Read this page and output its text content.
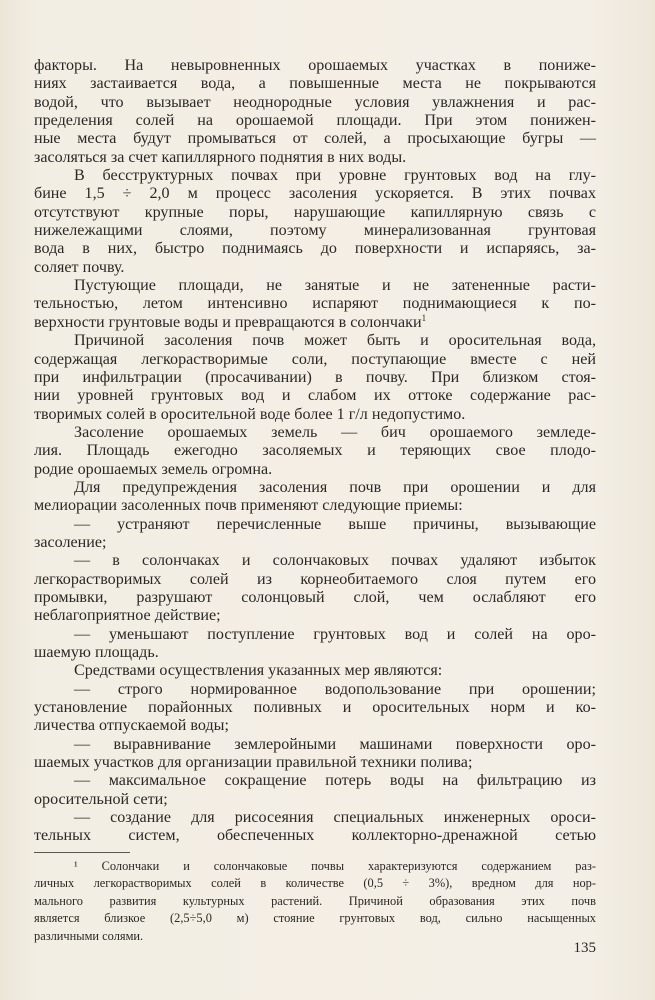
факторы. На невыровненных орошаемых участках в пониже-
ниях застаивается вода, а повышенные места не покрываются
водой, что вызывает неоднородные условия увлажнения и рас-
пределения солей на орошаемой площади. При этом понижен-
ные места будут промываться от солей, а просыхающие бугры —
засоляться за счет капиллярного поднятия в них воды.
В бесструктурных почвах при уровне грунтовых вод на глу-
бине 1,5 ÷ 2,0 м процесс засоления ускоряется. В этих почвах
отсутствуют крупные поры, нарушающие капиллярную связь с
нижележащими слоями, поэтому минерализованная грунтовая
вода в них, быстро поднимаясь до поверхности и испаряясь, за-
соляет почву.
Пустующие площади, не занятые и не затененные расти-
тельностью, летом интенсивно испаряют поднимающиеся к по-
верхности грунтовые воды и превращаются в солончаки$^1$
Причиной засоления почв может быть и оросительная вода,
содержащая легкорастворимые соли, поступающие вместе с ней
при инфильтрации (просачивании) в почву. При близком стоя-
нии уровней грунтовых вод и слабом их оттоке содержание рас-
творимых солей в оросительной воде более 1 г/л недопустимо.
Засоление орошаемых земель — бич орошаемого земледе-
лия. Площадь ежегодно засоляемых и теряющих свое плодо-
родие орошаемых земель огромна.
Для предупреждения засоления почв при орошении и для
мелиорации засоленных почв применяют следующие приемы:
— устраняют перечисленные выше причины, вызывающие
засоление;
— в солончаках и солончаковых почвах удаляют избыток
легкорастворимых солей из корнеобитаемого слоя путем его
промывки, разрушают солонцовый слой, чем ослабляют его
неблагоприятное действие;
— уменьшают поступление грунтовых вод и солей на оро-
шаемую площадь.
Средствами осуществления указанных мер являются:
— строго нормированное водопользование при орошении;
установление порайонных поливных и оросительных норм и ко-
личества отпускаемой воды;
— выравнивание землеройными машинами поверхности оро-
шаемых участков для организации правильной техники полива;
— максимальное сокращение потерь воды на фильтрацию из
оросительной сети;
— создание для рисосеяния специальных инженерных ороси-
тельных систем, обеспеченных коллекторно-дренажной сетью
¹ Солончаки и солончаковые почвы характеризуются содержанием раз-
личных легкорастворимых солей в количестве (0,5 ÷ 3%), вредном для нор-
мального развития культурных растений. Причиной образования этих почв
является близкое (2,5÷5,0 м) стояние грунтовых вод, сильно насыщенных
различными солями.
135
